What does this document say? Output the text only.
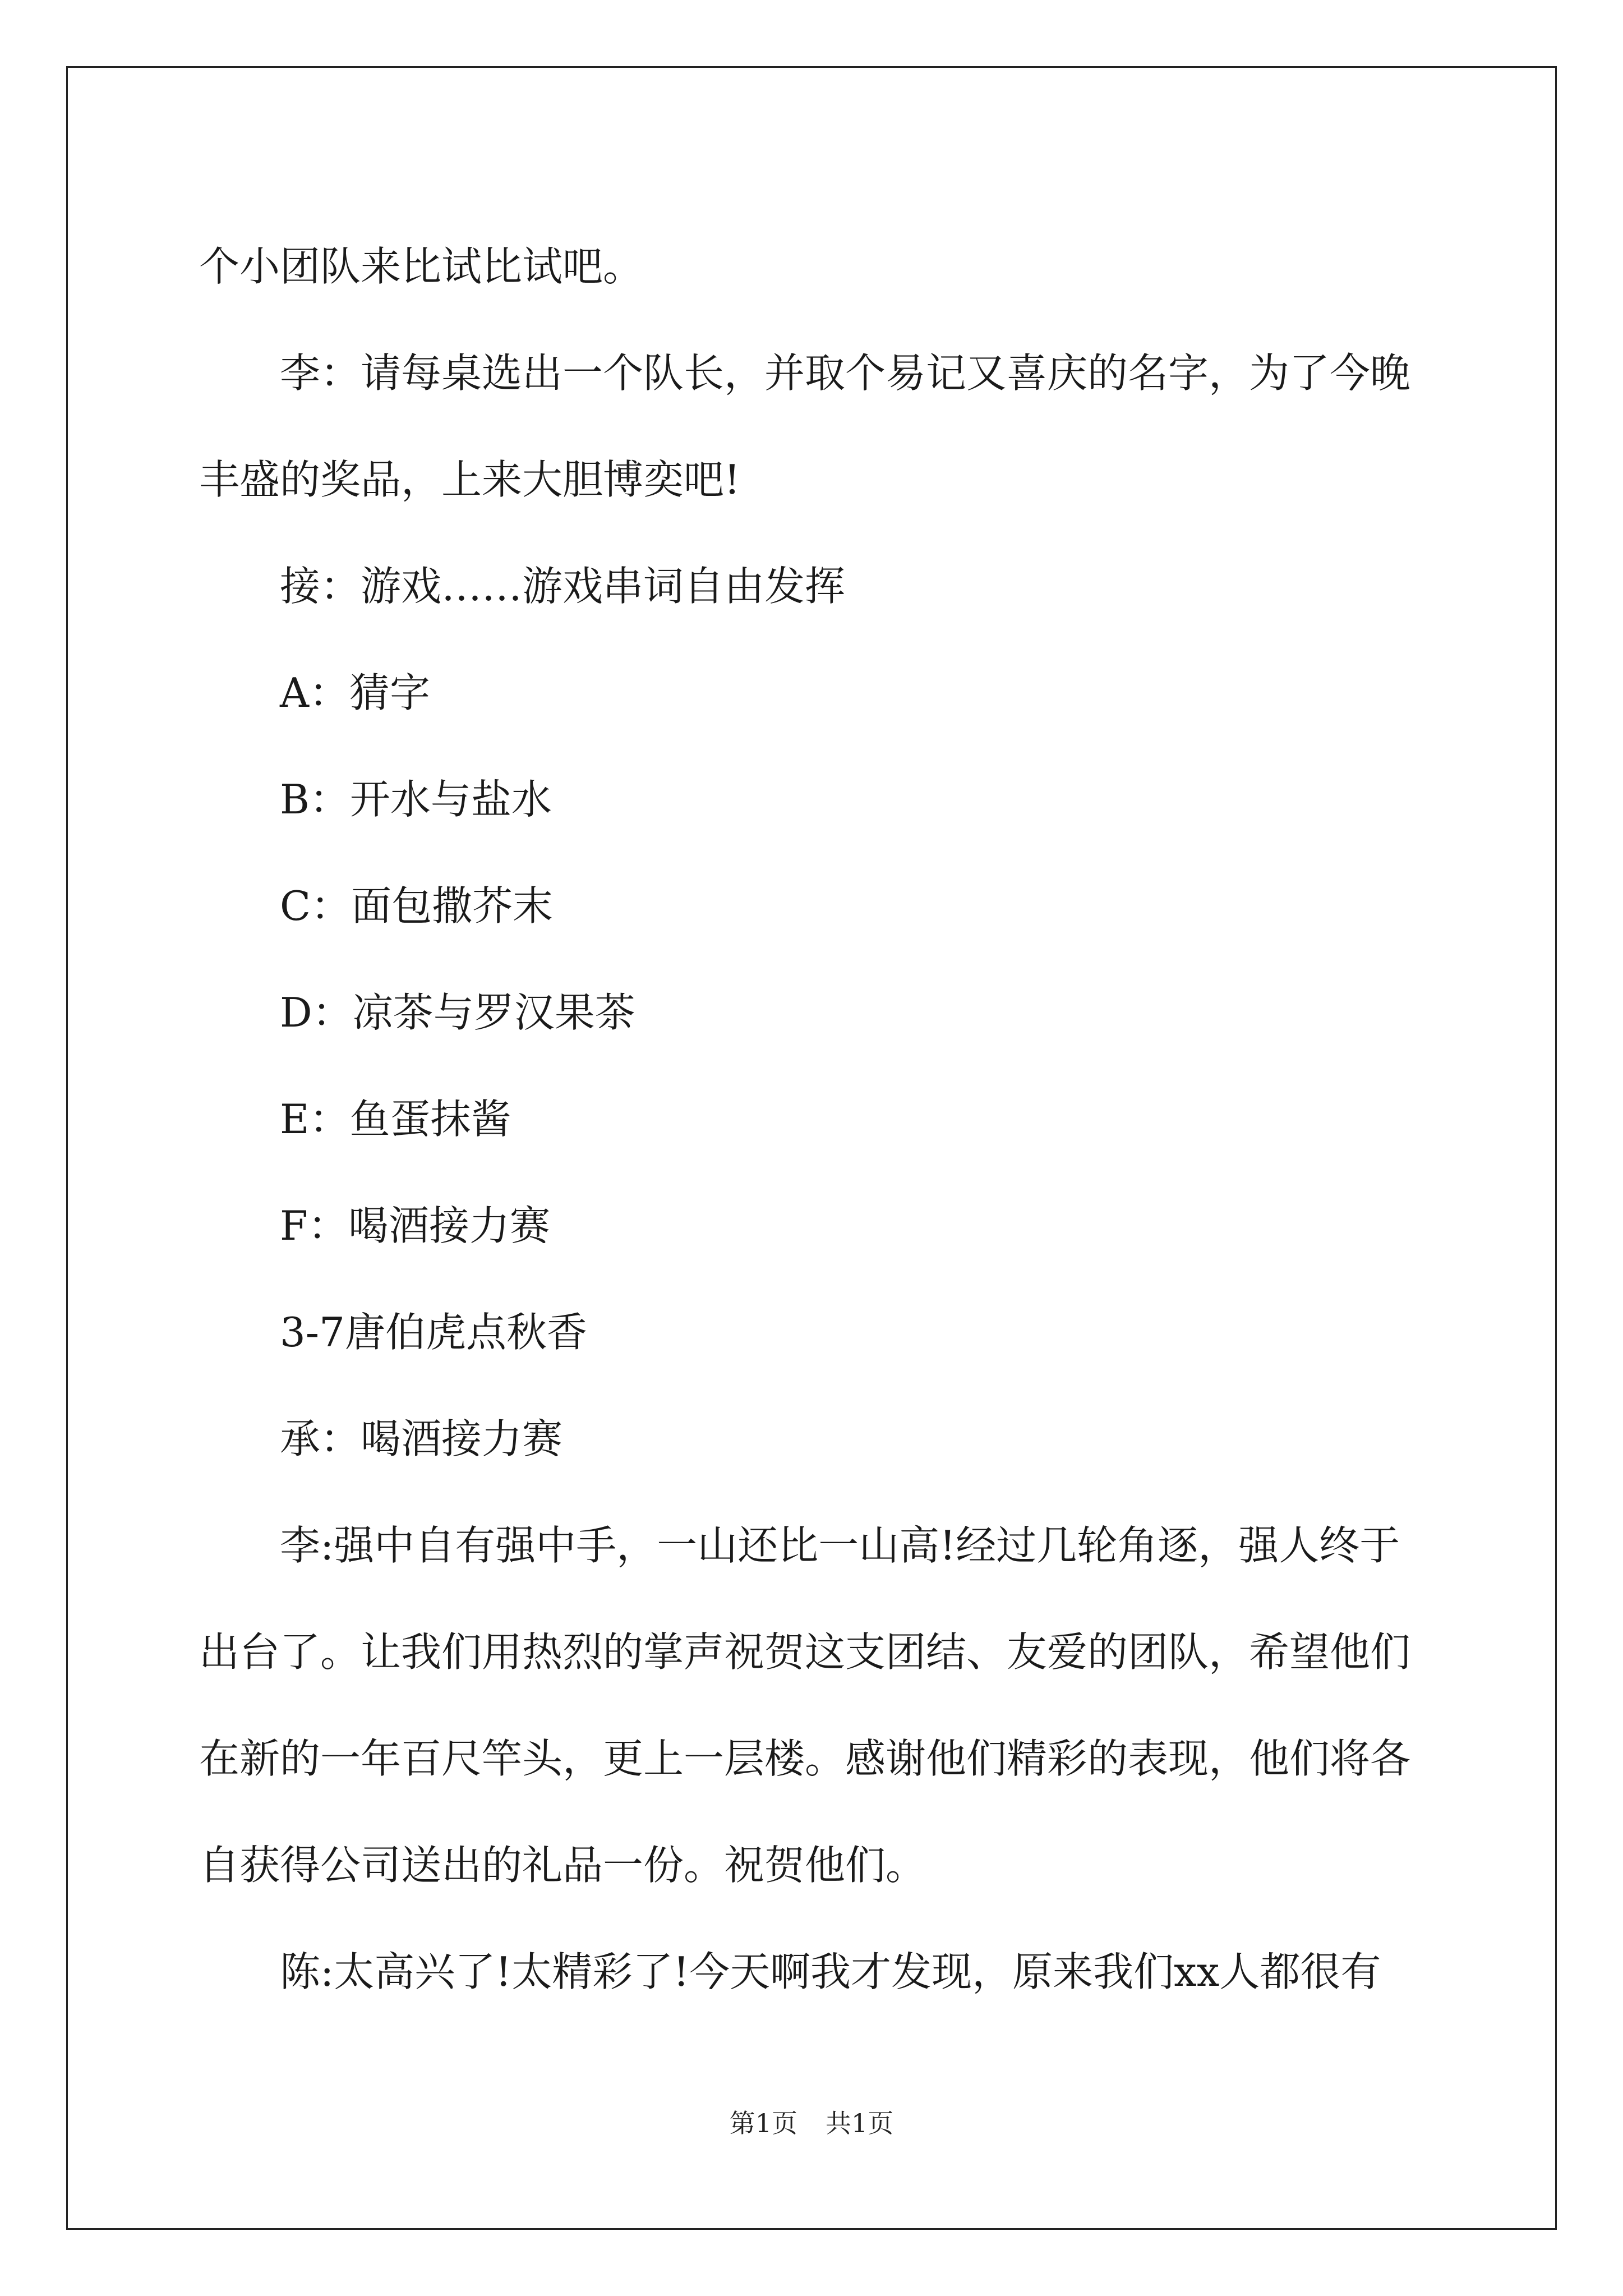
个小团队来比试比试吧。

李：请每桌选出一个队长，并取个易记又喜庆的名字，为了今晚丰盛的奖品，上来大胆博奕吧!

接：游戏……游戏串词自由发挥

A：猜字

B：开水与盐水

C：面包撒芥末

D：凉茶与罗汉果茶

E：鱼蛋抹酱

F：喝酒接力赛

3-7唐伯虎点秋香

承：喝酒接力赛

李:强中自有强中手，一山还比一山高!经过几轮角逐，强人终于出台了。让我们用热烈的掌声祝贺这支团结、友爱的团队，希望他们在新的一年百尺竿头，更上一层楼。感谢他们精彩的表现，他们将各自获得公司送出的礼品一份。祝贺他们。

陈:太高兴了!太精彩了!今天啊我才发现，原来我们xx人都很有

第1页 共1页
